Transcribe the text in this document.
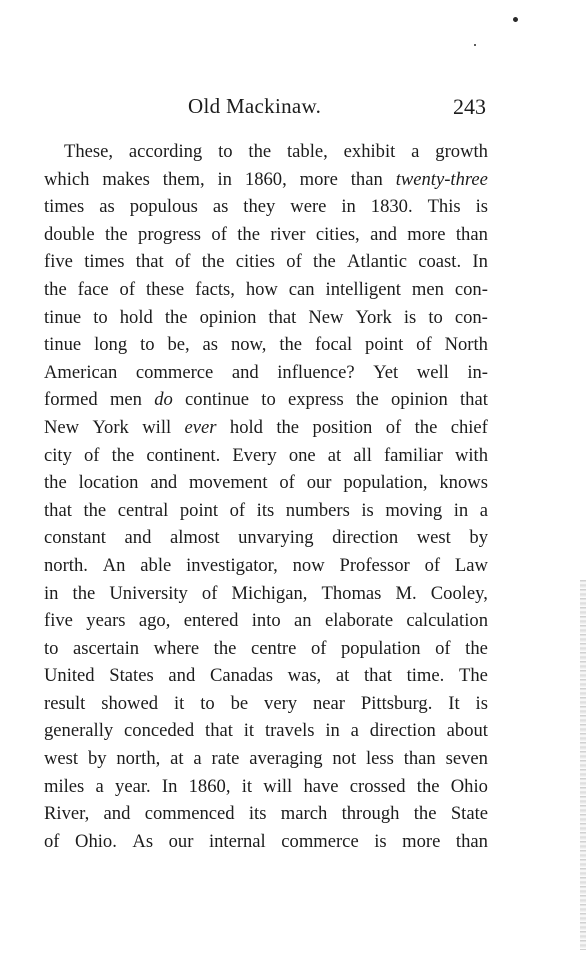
Old Mackinaw.	243
These, according to the table, exhibit a growth
which makes them, in 1860, more than twenty-three
times as populous as they were in 1830. This is
double the progress of the river cities, and more than
five times that of the cities of the Atlantic coast. In
the face of these facts, how can intelligent men con-
tinue to hold the opinion that New York is to con-
tinue long to be, as now, the focal point of North
American commerce and influence? Yet well in-
formed men do continue to express the opinion that
New York will ever hold the position of the chief
city of the continent. Every one at all familiar with
the location and movement of our population, knows
that the central point of its numbers is moving in a
constant and almost unvarying direction west by
north. An able investigator, now Professor of Law
in the University of Michigan, Thomas M. Cooley,
five years ago, entered into an elaborate calculation
to ascertain where the centre of population of the
United States and Canadas was, at that time. The
result showed it to be very near Pittsburg. It is
generally conceded that it travels in a direction about
west by north, at a rate averaging not less than seven
miles a year. In 1860, it will have crossed the Ohio
River, and commenced its march through the State
of Ohio. As our internal commerce is more than
